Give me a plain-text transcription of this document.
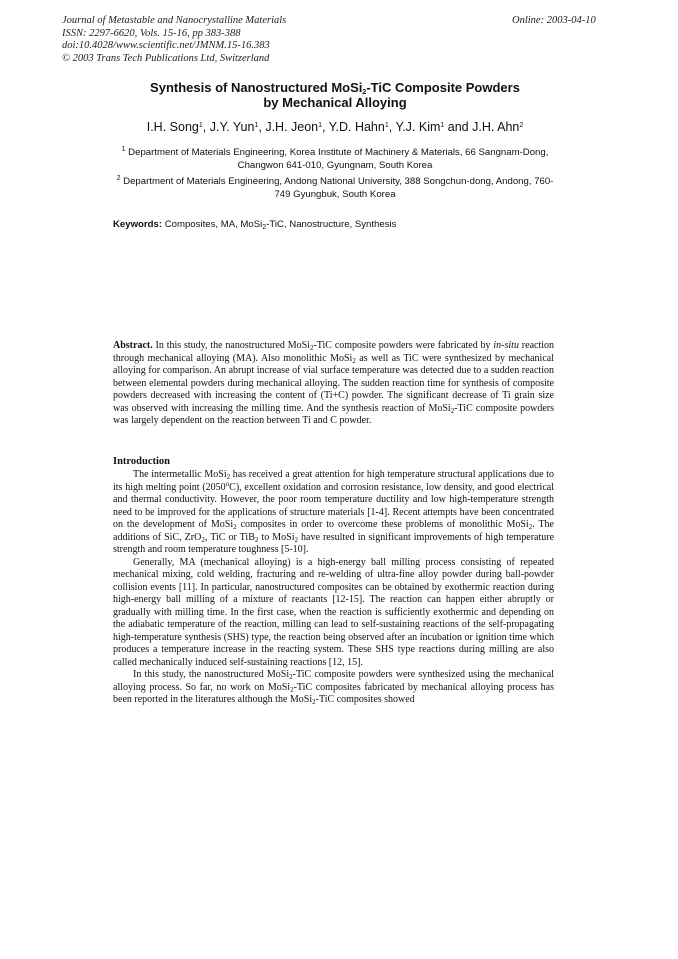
Journal of Metastable and Nanocrystalline Materials
ISSN: 2297-6620, Vols. 15-16, pp 383-388
doi:10.4028/www.scientific.net/JMNM.15-16.383
© 2003 Trans Tech Publications Ltd, Switzerland
Online: 2003-04-10
Synthesis of Nanostructured MoSi$_2$-TiC Composite Powders
by Mechanical Alloying
I.H. Song$^1$, J.Y. Yun$^1$, J.H. Jeon$^1$, Y.D. Hahn$^1$, Y.J. Kim$^1$ and J.H. Ahn$^2$
$^1$ Department of Materials Engineering, Korea Institute of Machinery & Materials, 66 Sangnam-Dong, Changwon 641-010, Gyungnam, South Korea
$^2$ Department of Materials Engineering, Andong National University, 388 Songchun-dong, Andong, 760-749 Gyungbuk, South Korea
Keywords: Composites, MA, MoSi$_2$-TiC, Nanostructure, Synthesis
Abstract. In this study, the nanostructured MoSi$_2$-TiC composite powders were fabricated by in-situ reaction through mechanical alloying (MA). Also monolithic MoSi$_2$ as well as TiC were synthesized by mechanical alloying for comparison. An abrupt increase of vial surface temperature was detected due to a sudden reaction between elemental powders during mechanical alloying. The sudden reaction time for synthesis of composite powders decreased with increasing the content of (Ti+C) powder. The significant decrease of Ti grain size was observed with increasing the milling time. And the synthesis reaction of MoSi$_2$-TiC composite powders was largely dependent on the reaction between Ti and C powder.
Introduction

The intermetallic MoSi$_2$ has received a great attention for high temperature structural applications due to its high melting point (2050$^o$C), excellent oxidation and corrosion resistance, low density, and good electrical and thermal conductivity. However, the poor room temperature ductility and low high-temperature strength need to be improved for the applications of structure materials [1-4]. Recent attempts have been concentrated on the development of MoSi$_2$ composites in order to overcome these problems of monolithic MoSi$_2$. The additions of SiC, ZrO$_2$, TiC or TiB$_2$ to MoSi$_2$ have resulted in significant improvements of high temperature strength and room temperature toughness [5-10].

Generally, MA (mechanical alloying) is a high-energy ball milling process consisting of repeated mechanical mixing, cold welding, fracturing and re-welding of ultra-fine alloy powder during ball-powder collision events [11]. In particular, nanostructured composites can be obtained by exothermic reaction during high-energy ball milling of a mixture of reactants [12-15]. The reaction can happen either abruptly or gradually with milling time. In the first case, when the reaction is sufficiently exothermic and depending on the adiabatic temperature of the reaction, milling can lead to self-sustaining reactions of the self-propagating high-temperature synthesis (SHS) type, the reaction being observed after an incubation or ignition time which produces a temperature increase in the reacting system. These SHS type reactions during milling are also called mechanically induced self-sustaining reactions [12, 15].

In this study, the nanostructured MoSi$_2$-TiC composite powders were synthesized using the mechanical alloying process. So far, no work on MoSi$_2$-TiC composites fabricated by mechanical alloying process has been reported in the literatures although the MoSi$_2$-TiC composites showed
